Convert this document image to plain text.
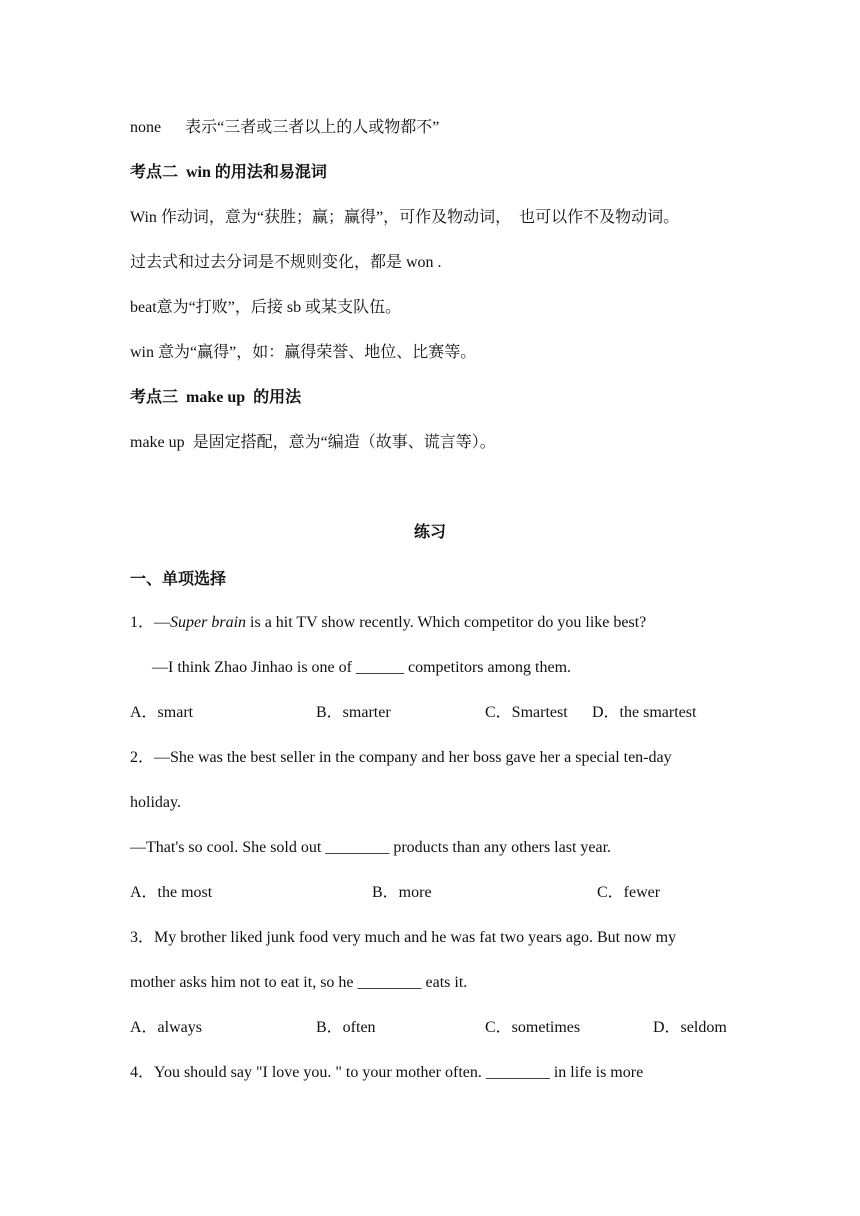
none      表示“三者或三者以上的人或物都不”
考点二  win 的用法和易混词
Win 作动词，意为“获胜；赢；赢得”，可作及物动词，  也可以作不及物动词。
过去式和过去分词是不规则变化，都是 won .
beat意为“打败”，后接 sb 或某支队伍。
win 意为“赢得”，如：赢得荣誉、地位、比赛等。
考点三  make up  的用法
make up  是固定搭配，意为“编造（故事、谎言等）。
练习
一、单项选择
1．—Super brain is a hit TV show recently. Which competitor do you like best?
—I think Zhao Jinhao is one of ______ competitors among them.
A．smart	B．smarter	C．Smartest D．the smartest
2．—She was the best seller in the company and her boss gave her a special ten-day
holiday.
—That's so cool. She sold out ________ products than any others last year.
A．the most	B．more	C．fewer
3．My brother liked junk food very much and he was fat two years ago. But now my
mother asks him not to eat it, so he ________ eats it.
A．always	B．often	C．sometimes	D．seldom
4．You should say "I love you. " to your mother often. ________ in life is more
